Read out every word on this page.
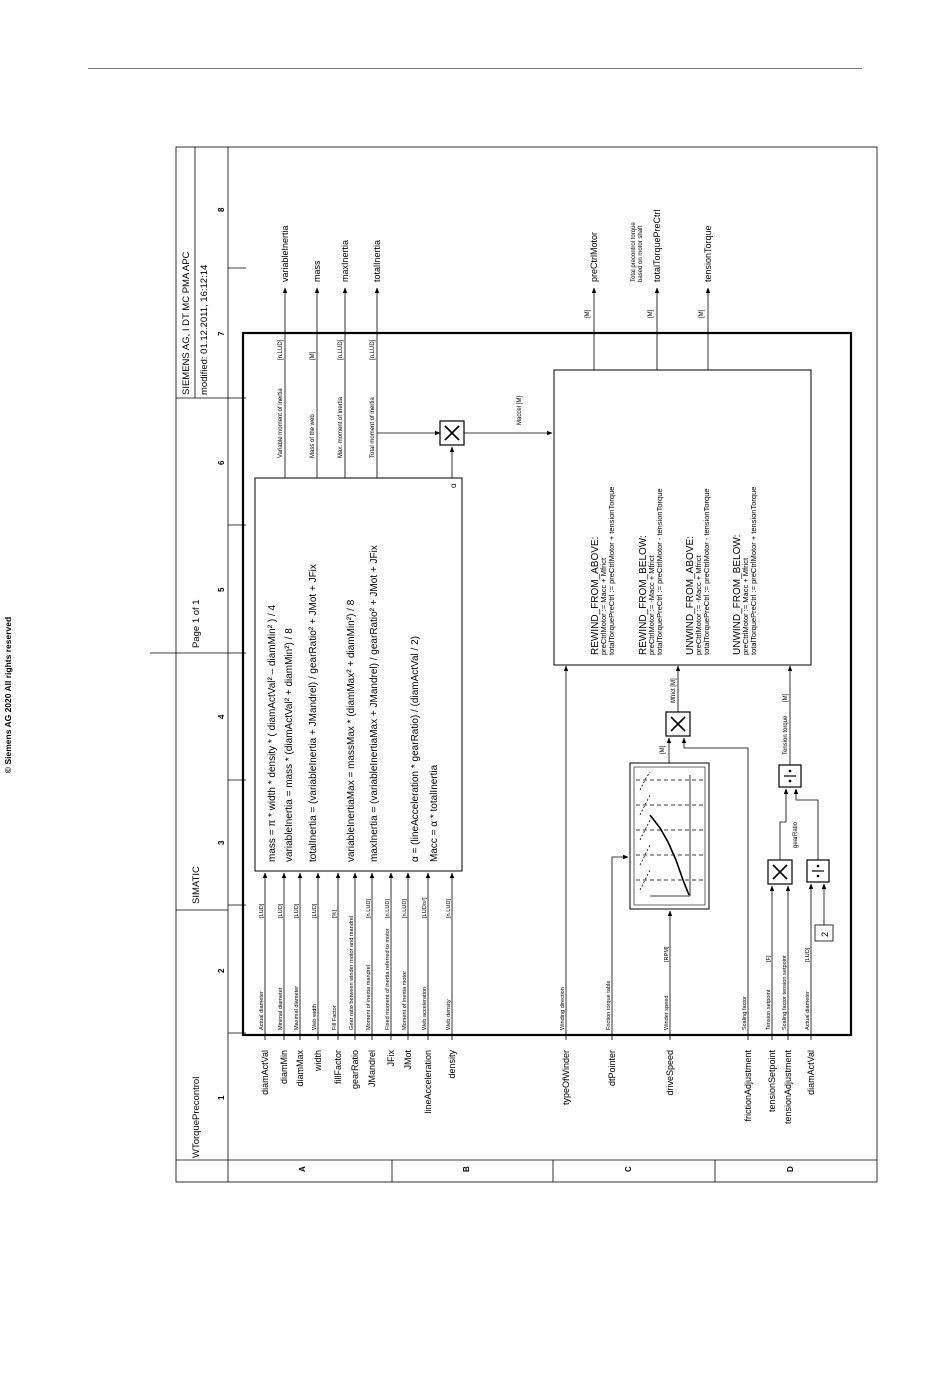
© Siemens AG 2020 All rights reserved
WTorquePrecontrol
SIMATIC
Page 1 of 1
SIEMENS AG, I DT MC PMA APC modified: 01.12.2011, 16:12:14
1
2
3
4
5
6
7
8
A	B	C	D
mass = π * width * density * ( diamActVal² – diamMin² ) / 4 variableInertia = mass * (diamActVal² + diamMin²) / 8 totalInertia = (variableInertia + JMandrel) / gearRatio² + JMot + JFix	variableInertiaMax = massMax * (diamMax² + diamMin²) / 8 maxInertia = (variableInertiaMax + JMandrel) / gearRatio² + JMot + JFix	α = (lineAcceleration * gearRatio) / (diamActVal / 2) Macc = α * totalInertia
α
diamActVal
Actual diameter
[LUD]
diamMin
Minimal diameter
[LUD]
diamMax
Maximal diameter
[LUD]
width
Web width
[LUD]
fillFactor
Fill Factor
[%]
gearRatio
Gear ratio between winder motor and mandrel
JMandrel
Moment of inertia mandrel
[n.LUD]
JFix
Fixed moment of inertia referred to motor
[n.LUD]
JMot
Moment of inertia motor
[n.LUD]
lineAcceleration
Web acceleration
[LUD/s²]
density
Web density
[n.LUD]
typeOfWinder
Winding direction
dtPointer
Friction torque table
driveSpeed
Winder speed
[RPM]
frictionAdjustment
Scaling factor
tensionSetpoint
Tension setpoint
[F]
tensionAdjustment
Scaling factor tension setpoint
diamActVal
Actual diameter
[LUD]
Variable moment of inertia
[n.LUD]
Mass of the web
[M]
Max. moment of inertia
[n.LUD]
Total moment of inertia
[n.LUD]
Maccel [M]
variableInertia mass maxInertia totalInertia	preCtrlMotor	totalTorquePreCtrl	tensionTorque
Total precontrol torque based on motor shaft
[M]	[M]	[M]
REWIND_FROM_ABOVE:
preCtrlMotor := Macc + Mfrict totalTorquePreCtrl := preCtrlMotor + tensionTorque REWIND_FROM_BELOW:
preCtrlMotor := -Macc + Mfrict totalTorquePreCtrl := preCtrlMotor - tensionTorque UNWIND_FROM_ABOVE:
preCtrlMotor := -Macc + Mfrict totalTorquePreCtrl := preCtrlMotor - tensionTorque UNWIND_FROM_BELOW:
preCtrlMotor := Macc + Mfrict totalTorquePreCtrl := preCtrlMotor + tensionTorque
Mfrict [M]
[M]
gearRatio
2
Tension torque
[M]
